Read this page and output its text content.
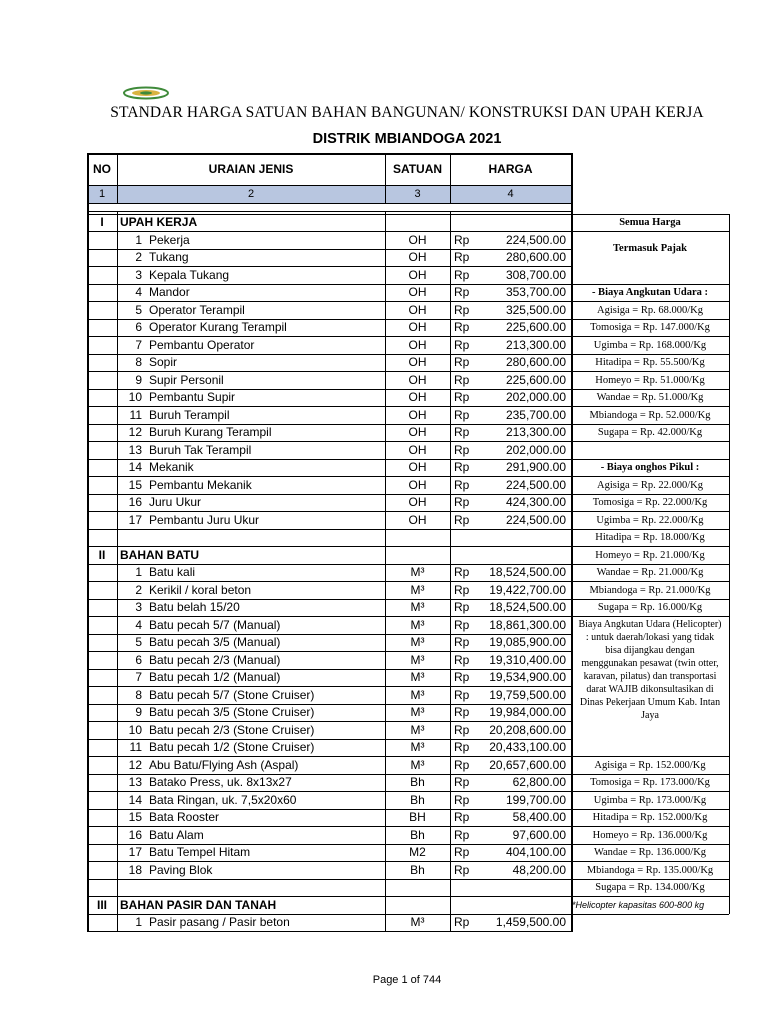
STANDAR HARGA SATUAN BAHAN BANGUNAN/ KONSTRUKSI DAN UPAH KERJA
DISTRIK MBIANDOGA 2021
NO	URAIAN JENIS	SATUAN	HARGA
1	2	3	4
I	UPAH KERJA
1 Pekerja	OH	Rp	224,500.00
2 Tukang	OH	Rp	280,600.00
3 Kepala Tukang	OH	Rp	308,700.00
4 Mandor	OH	Rp	353,700.00
5 Operator Terampil	OH	Rp	325,500.00
6 Operator Kurang Terampil	OH	Rp	225,600.00
7 Pembantu Operator	OH	Rp	213,300.00
8 Sopir	OH	Rp	280,600.00
9 Supir Personil	OH	Rp	225,600.00
10 Pembantu Supir	OH	Rp	202,000.00
11 Buruh Terampil	OH	Rp	235,700.00
12 Buruh Kurang Terampil	OH	Rp	213,300.00
13 Buruh Tak Terampil	OH	Rp	202,000.00
14 Mekanik	OH	Rp	291,900.00
15 Pembantu Mekanik	OH	Rp	224,500.00
16 Juru Ukur	OH	Rp	424,300.00
17 Pembantu Juru Ukur	OH	Rp	224,500.00
II	BAHAN BATU
1 Batu kali	M³	Rp	18,524,500.00
2 Kerikil / koral beton	M³	Rp	19,422,700.00
3 Batu belah 15/20	M³	Rp	18,524,500.00
4 Batu pecah 5/7 (Manual)	M³	Rp	18,861,300.00
5 Batu pecah 3/5 (Manual)	M³	Rp	19,085,900.00
6 Batu pecah 2/3 (Manual)	M³	Rp	19,310,400.00
7 Batu pecah 1/2 (Manual)	M³	Rp	19,534,900.00
8 Batu pecah 5/7 (Stone Cruiser)	M³	Rp	19,759,500.00
9 Batu pecah 3/5 (Stone Cruiser)	M³	Rp	19,984,000.00
10 Batu pecah 2/3 (Stone Cruiser)	M³	Rp	20,208,600.00
11 Batu pecah 1/2 (Stone Cruiser)	M³	Rp	20,433,100.00
12 Abu Batu/Flying Ash (Aspal)	M³	Rp	20,657,600.00
13 Batako Press, uk. 8x13x27	Bh	Rp	62,800.00
14 Bata Ringan, uk. 7,5x20x60	Bh	Rp	199,700.00
15 Bata Rooster	BH	Rp	58,400.00
16 Batu Alam	Bh	Rp	97,600.00
17 Batu Tempel Hitam	M2	Rp	404,100.00
18 Paving Blok	Bh	Rp	48,200.00
III	BAHAN PASIR DAN TANAH
1 Pasir pasang / Pasir beton	M³	Rp	1,459,500.00
Semua Harga
Termasuk Pajak
- Biaya Angkutan Udara :
Agisiga = Rp. 68.000/Kg
Tomosiga = Rp. 147.000/Kg
Ugimba = Rp. 168.000/Kg
Hitadipa = Rp. 55.500/Kg
Homeyo = Rp. 51.000/Kg
Wandae = Rp. 51.000/Kg
Mbiandoga = Rp. 52.000/Kg
Sugapa = Rp. 42.000/Kg
- Biaya onghos Pikul :
Agisiga = Rp. 22.000/Kg
Tomosiga = Rp. 22.000/Kg
Ugimba = Rp. 22.000/Kg
Hitadipa = Rp. 18.000/Kg
Homeyo = Rp. 21.000/Kg
Wandae = Rp. 21.000/Kg
Mbiandoga = Rp. 21.000/Kg
Sugapa = Rp. 16.000/Kg
Biaya Angkutan Udara (Helicopter)
: untuk daerah/lokasi yang tidak
bisa dijangkau dengan
menggunakan pesawat (twin otter,
karavan, pilatus) dan transportasi
darat WAJIB dikonsultasikan di
Dinas Pekerjaan Umum Kab. Intan
Jaya
Agisiga = Rp. 152.000/Kg
Tomosiga = Rp. 173.000/Kg
Ugimba = Rp. 173.000/Kg
Hitadipa = Rp. 152.000/Kg
Homeyo = Rp. 136.000/Kg
Wandae = Rp. 136.000/Kg
Mbiandoga = Rp. 135.000/Kg
Sugapa = Rp. 134.000/Kg
*Helicopter kapasitas 600-800 kg
Page 1 of 744
